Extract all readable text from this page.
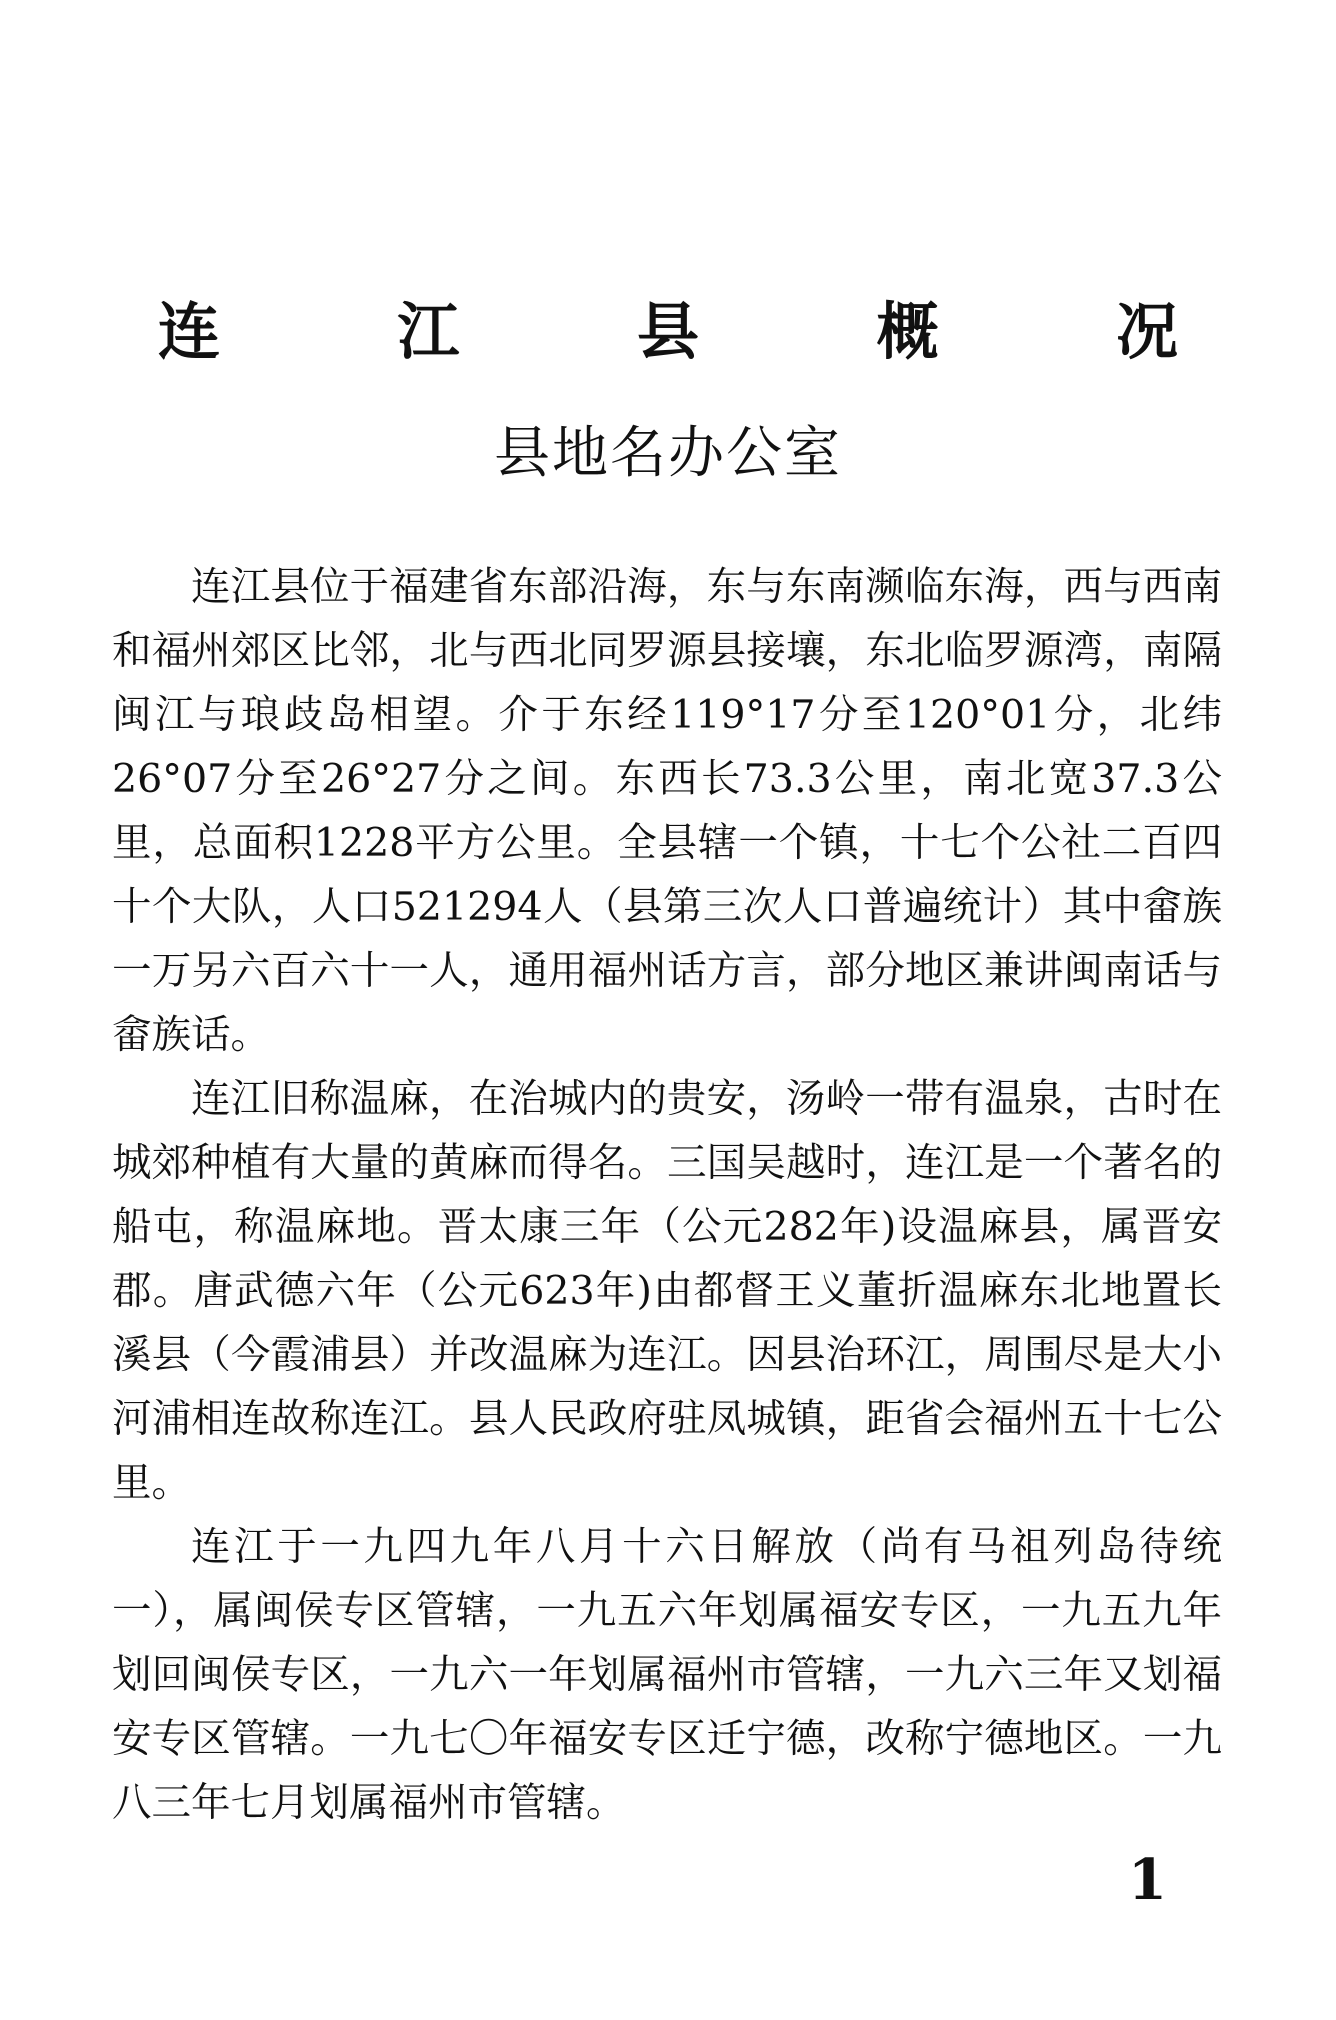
连 江 县 概 况
县地名办公室

连江县位于福建省东部沿海，东与东南濒临东海，西与西南和福州郊区比邻，北与西北同罗源县接壤，东北临罗源湾，南隔闽江与琅歧岛相望。介于东经119°17分至120°01分，北纬26°07分至26°27分之间。东西长73.3公里，南北宽37.3公里，总面积1228平方公里。全县辖一个镇，十七个公社二百四十个大队，人口521294人（县第三次人口普遍统计）其中畲族一万另六百六十一人，通用福州话方言，部分地区兼讲闽南话与畲族话。

连江旧称温麻，在治城内的贵安，汤岭一带有温泉，古时在城郊种植有大量的黄麻而得名。三国吴越时，连江是一个著名的船屯，称温麻地。晋太康三年（公元282年)设温麻县，属晋安郡。唐武德六年（公元623年)由都督王义董折温麻东北地置长溪县（今霞浦县）并改温麻为连江。因县治环江，周围尽是大小河浦相连故称连江。县人民政府驻凤城镇，距省会福州五十七公里。

连江于一九四九年八月十六日解放（尚有马祖列岛待统一），属闽侯专区管辖，一九五六年划属福安专区，一九五九年划回闽侯专区，一九六一年划属福州市管辖，一九六三年又划福安专区管辖。一九七〇年福安专区迁宁德，改称宁德地区。一九八三年七月划属福州市管辖。

1
